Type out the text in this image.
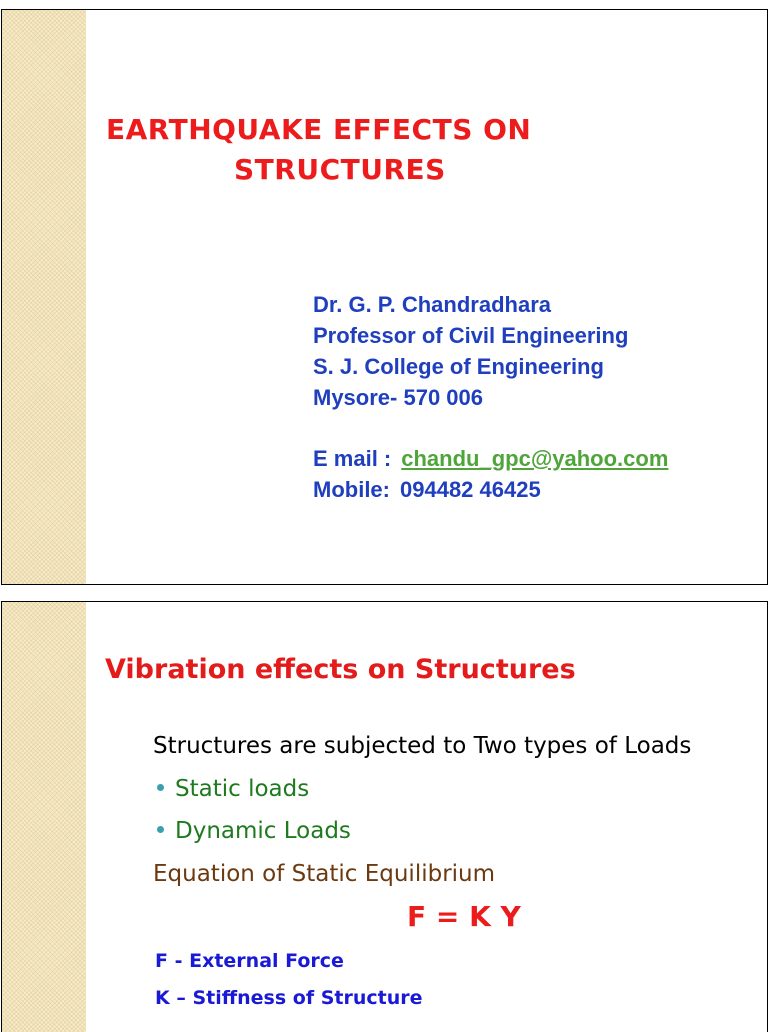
EARTHQUAKE EFFECTS ON
STRUCTURES
Dr. G. P. Chandradhara
Professor of Civil Engineering
S. J. College of Engineering
Mysore- 570 006
E mail : chandu_gpc@yahoo.com
Mobile: 094482 46425
Vibration effects on Structures
Structures are subjected to Two types of Loads
Static loads
Dynamic Loads
Equation of Static Equilibrium
F = K Y
F - External Force
K – Stiffness of Structure
